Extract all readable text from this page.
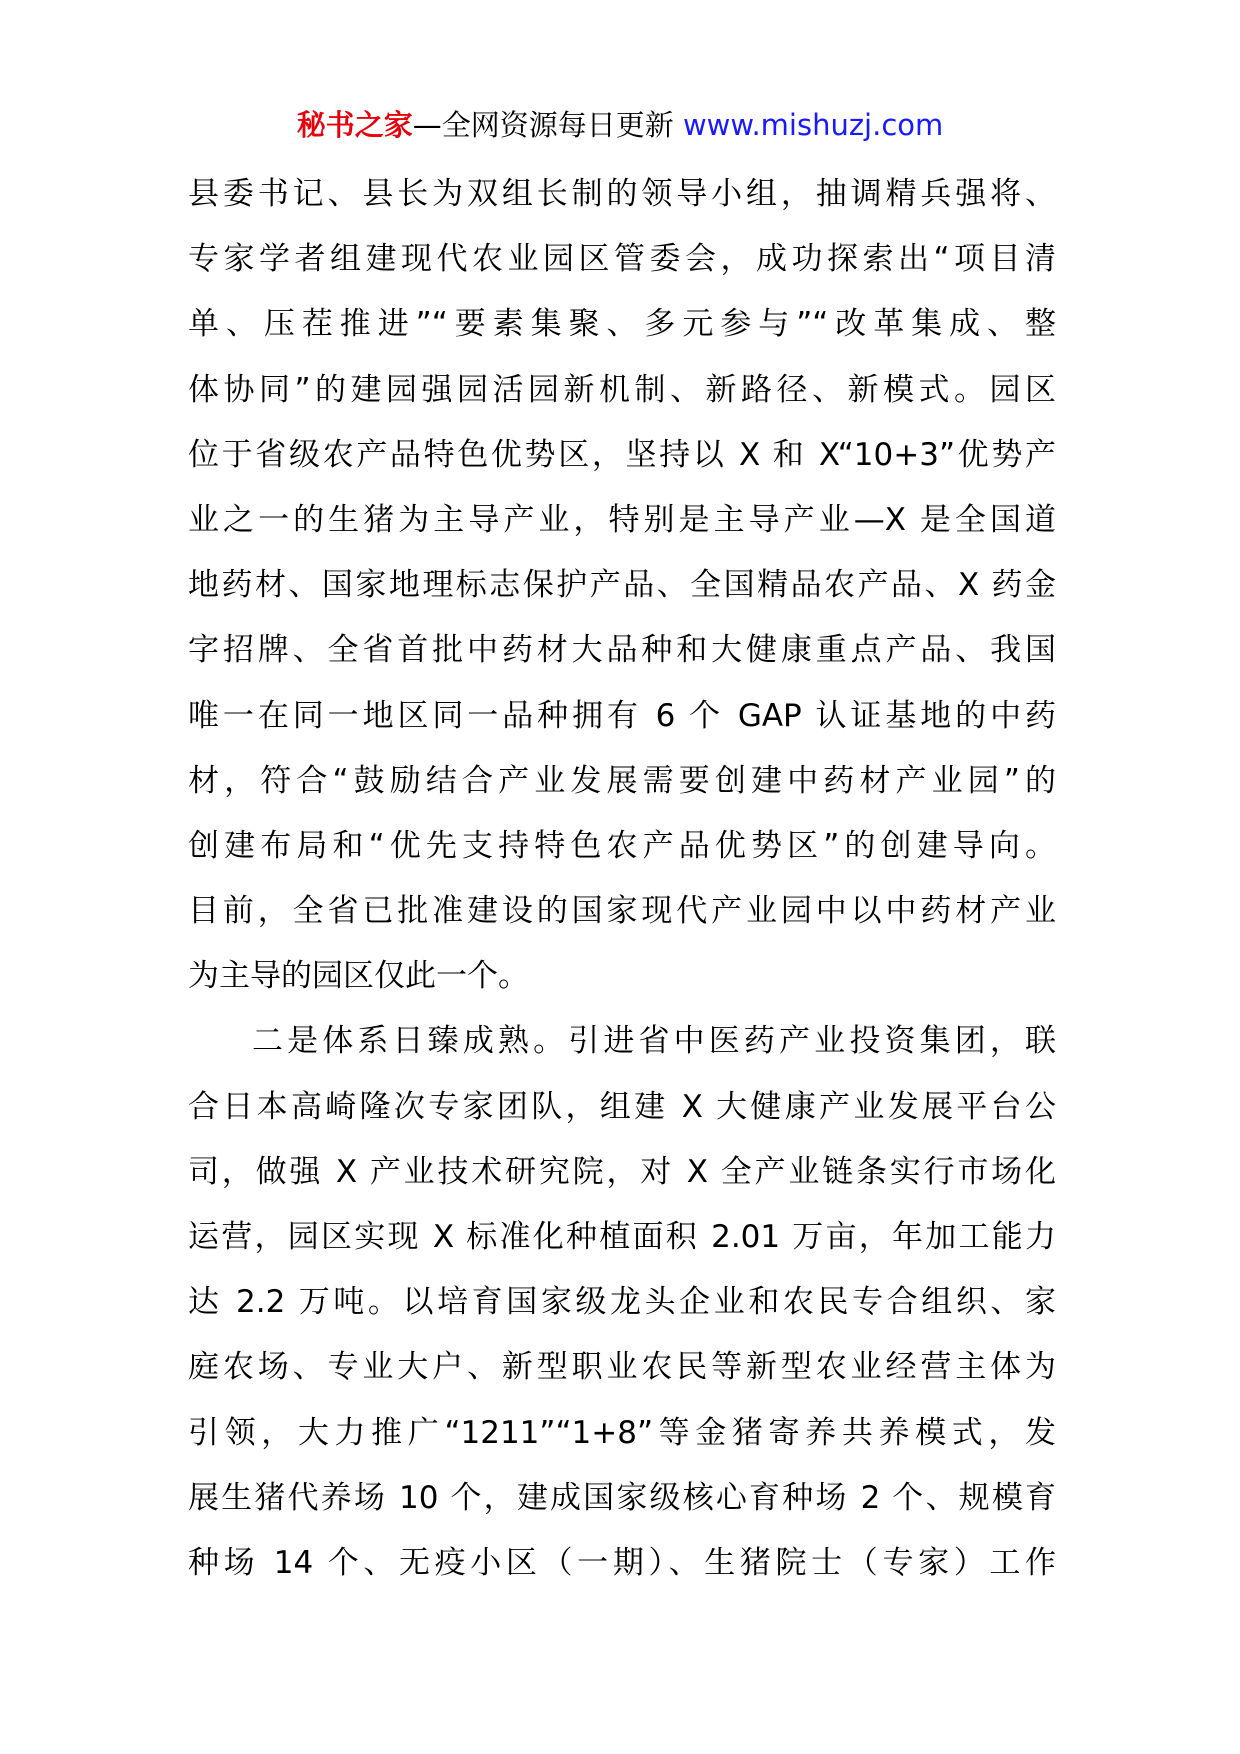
秘书之家—全网资源每日更新 www.mishuzj.com
县委书记、县长为双组长制的领导小组，抽调精兵强将、
专家学者组建现代农业园区管委会，成功探索出“项目清
单、压茬推进”“要素集聚、多元参与”“改革集成、整
体协同”的建园强园活园新机制、新路径、新模式。园区
位于省级农产品特色优势区，坚持以 X 和 X“10+3”优势产
业之一的生猪为主导产业，特别是主导产业—X 是全国道
地药材、国家地理标志保护产品、全国精品农产品、X 药金
字招牌、全省首批中药材大品种和大健康重点产品、我国
唯一在同一地区同一品种拥有 6 个 GAP 认证基地的中药
材，符合“鼓励结合产业发展需要创建中药材产业园”的
创建布局和“优先支持特色农产品优势区”的创建导向。
目前，全省已批准建设的国家现代产业园中以中药材产业
为主导的园区仅此一个。
二是体系日臻成熟。引进省中医药产业投资集团，联
合日本高崎隆次专家团队，组建 X 大健康产业发展平台公
司，做强 X 产业技术研究院，对 X 全产业链条实行市场化
运营，园区实现 X 标准化种植面积 2.01 万亩，年加工能力
达 2.2 万吨。以培育国家级龙头企业和农民专合组织、家
庭农场、专业大户、新型职业农民等新型农业经营主体为
引领，大力推广“1211”“1+8”等金猪寄养共养模式，发
展生猪代养场 10 个，建成国家级核心育种场 2 个、规模育
种场 14 个、无疫小区（一期）、生猪院士（专家）工作
